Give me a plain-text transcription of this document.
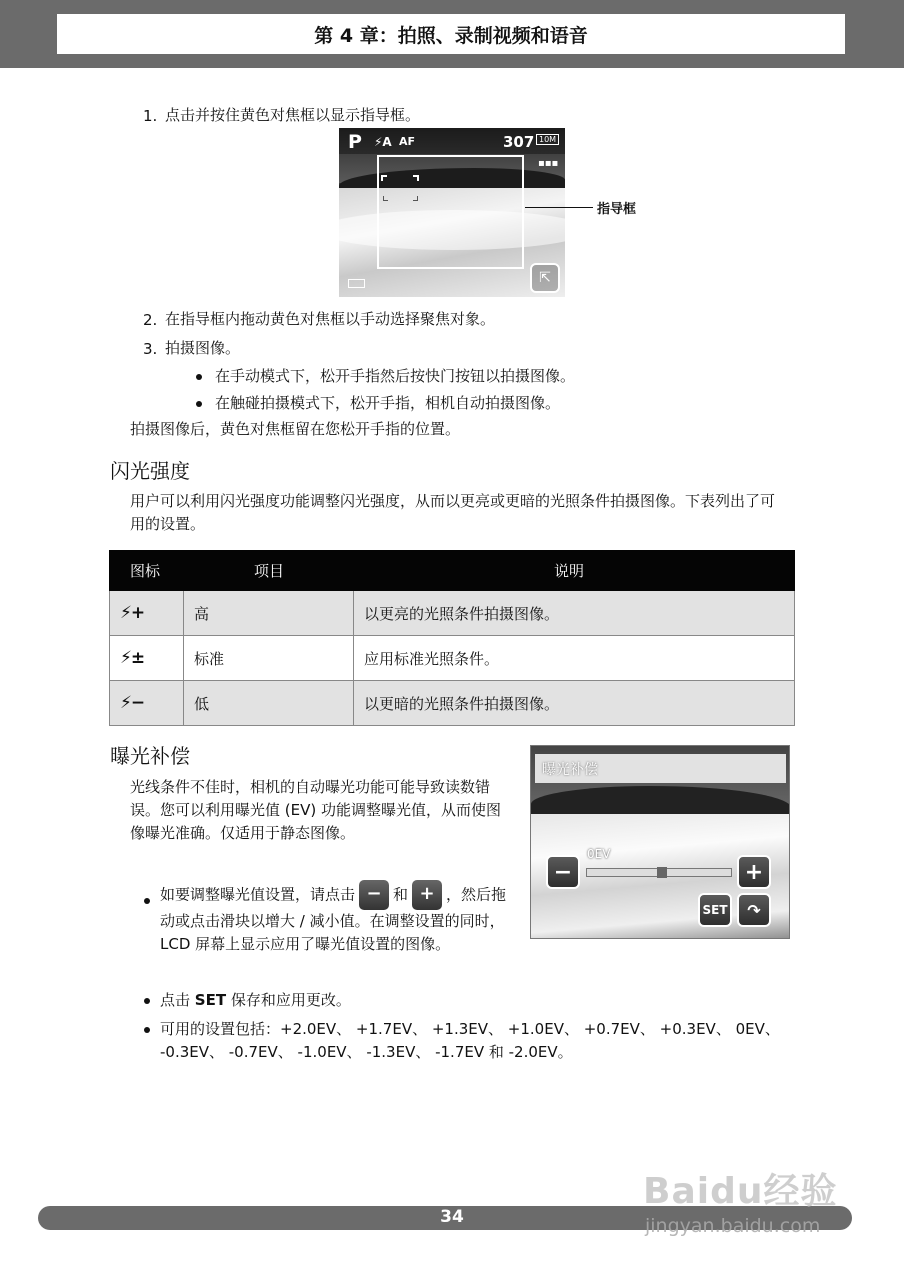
第 4 章：拍照、录制视频和语音
1. 点击并按住黄色对焦框以显示指导框。
P ⚡A AF	307 10M
▪▪▪
⇱
指导框
2. 在指导框内拖动黄色对焦框以手动选择聚焦对象。
3. 拍摄图像。
在手动模式下，松开手指然后按快门按钮以拍摄图像。
在触碰拍摄模式下，松开手指，相机自动拍摄图像。
拍摄图像后，黄色对焦框留在您松开手指的位置。
闪光强度
用户可以利用闪光强度功能调整闪光强度，从而以更亮或更暗的光照条件拍摄图像。下表列出了可用的设置。
图标	项目	说明
⚡+	高	以更亮的光照条件拍摄图像。
⚡±	标准	应用标准光照条件。
⚡−	低	以更暗的光照条件拍摄图像。
曝光补偿
光线条件不佳时，相机的自动曝光功能可能导致读数错误。您可以利用曝光值 (EV) 功能调整曝光值，从而使图像曝光准确。仅适用于静态图像。
如要调整曝光值设置，请点击 − 和 + ，然后拖动或点击滑块以增大 / 减小值。在调整设置的同时， LCD 屏幕上显示应用了曝光值设置的图像。
点击 SET 保存和应用更改。
可用的设置包括：+2.0EV、 +1.7EV、 +1.3EV、 +1.0EV、 +0.7EV、 +0.3EV、 0EV、 -0.3EV、 -0.7EV、 -1.0EV、 -1.3EV、 -1.7EV 和 -2.0EV。
曝光补偿
0EV
−	+
SET	↷
34
Baidu经验
jingyan.baidu.com
